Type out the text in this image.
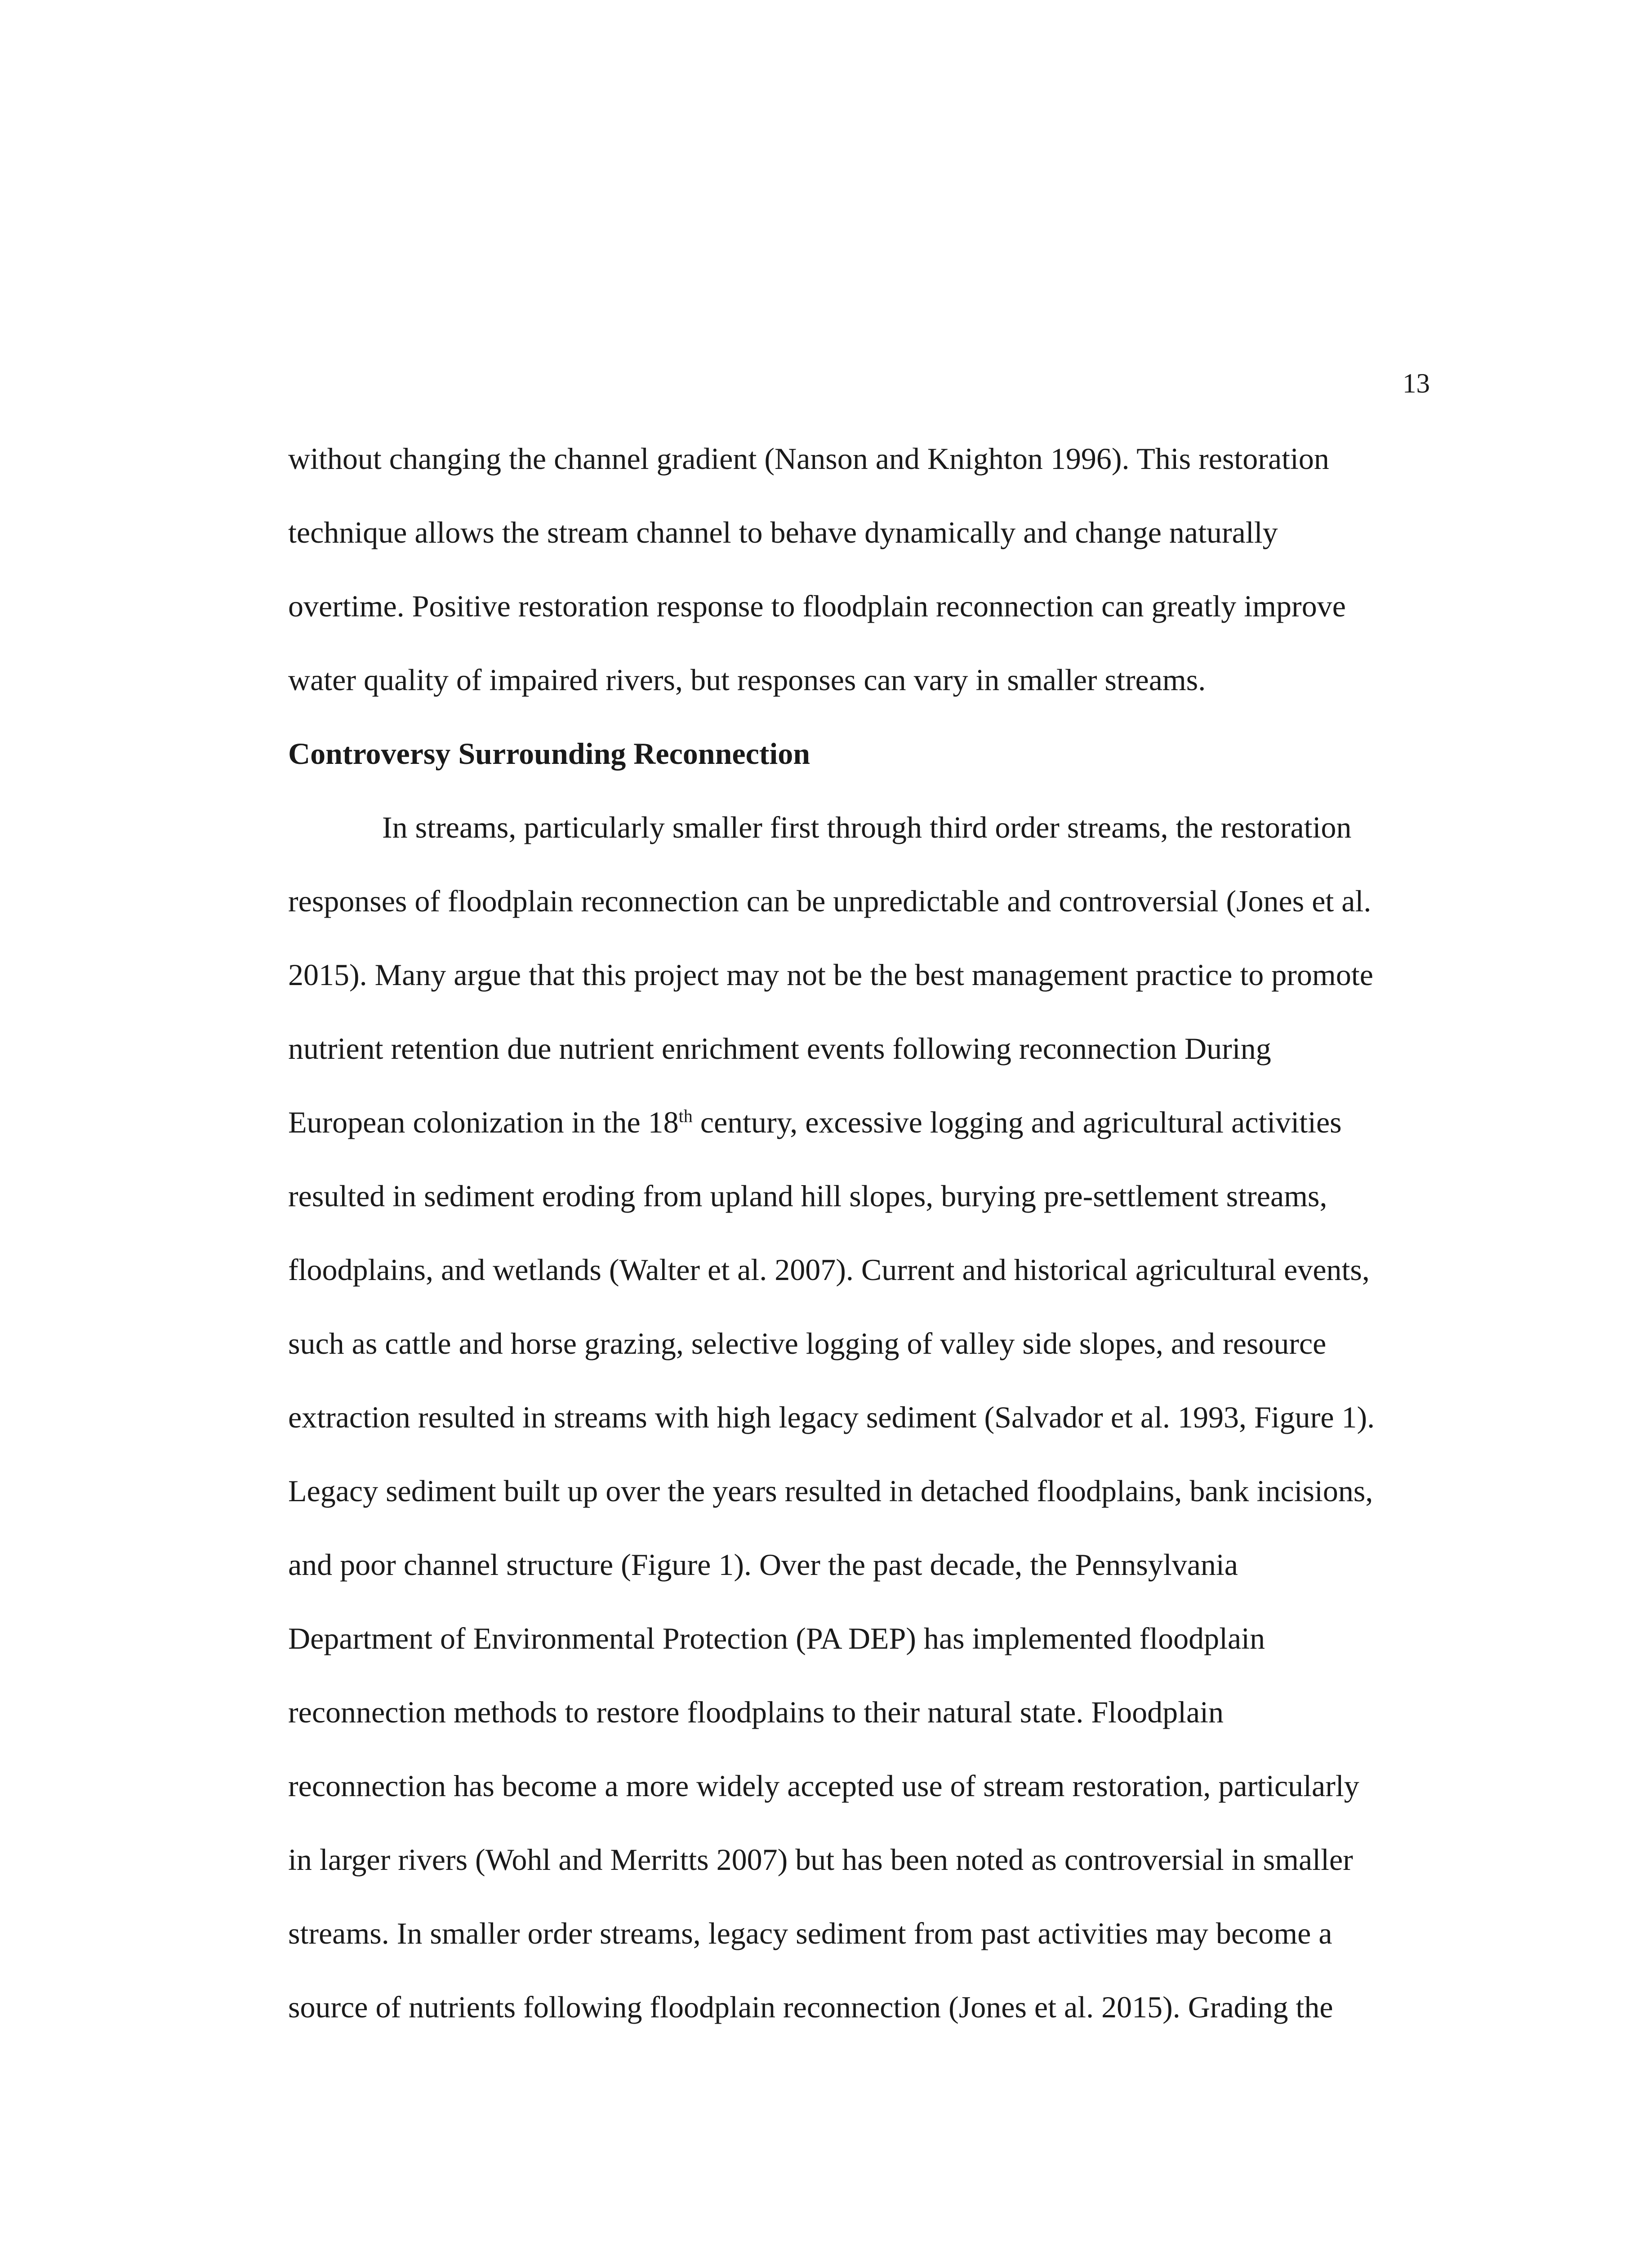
13
without changing the channel gradient (Nanson and Knighton 1996). This restoration
technique allows the stream channel to behave dynamically and change naturally
overtime. Positive restoration response to floodplain reconnection can greatly improve
water quality of impaired rivers, but responses can vary in smaller streams.
Controversy Surrounding Reconnection
In streams, particularly smaller first through third order streams, the restoration
responses of floodplain reconnection can be unpredictable and controversial (Jones et al.
2015). Many argue that this project may not be the best management practice to promote
nutrient retention due nutrient enrichment events following reconnection During
European colonization in the 18th century, excessive logging and agricultural activities
resulted in sediment eroding from upland hill slopes, burying pre-settlement streams,
floodplains, and wetlands (Walter et al. 2007). Current and historical agricultural events,
such as cattle and horse grazing, selective logging of valley side slopes, and resource
extraction resulted in streams with high legacy sediment (Salvador et al. 1993, Figure 1).
Legacy sediment built up over the years resulted in detached floodplains, bank incisions,
and poor channel structure (Figure 1). Over the past decade, the Pennsylvania
Department of Environmental Protection (PA DEP) has implemented floodplain
reconnection methods to restore floodplains to their natural state. Floodplain
reconnection has become a more widely accepted use of stream restoration, particularly
in larger rivers (Wohl and Merritts 2007) but has been noted as controversial in smaller
streams. In smaller order streams, legacy sediment from past activities may become a
source of nutrients following floodplain reconnection (Jones et al. 2015). Grading the
